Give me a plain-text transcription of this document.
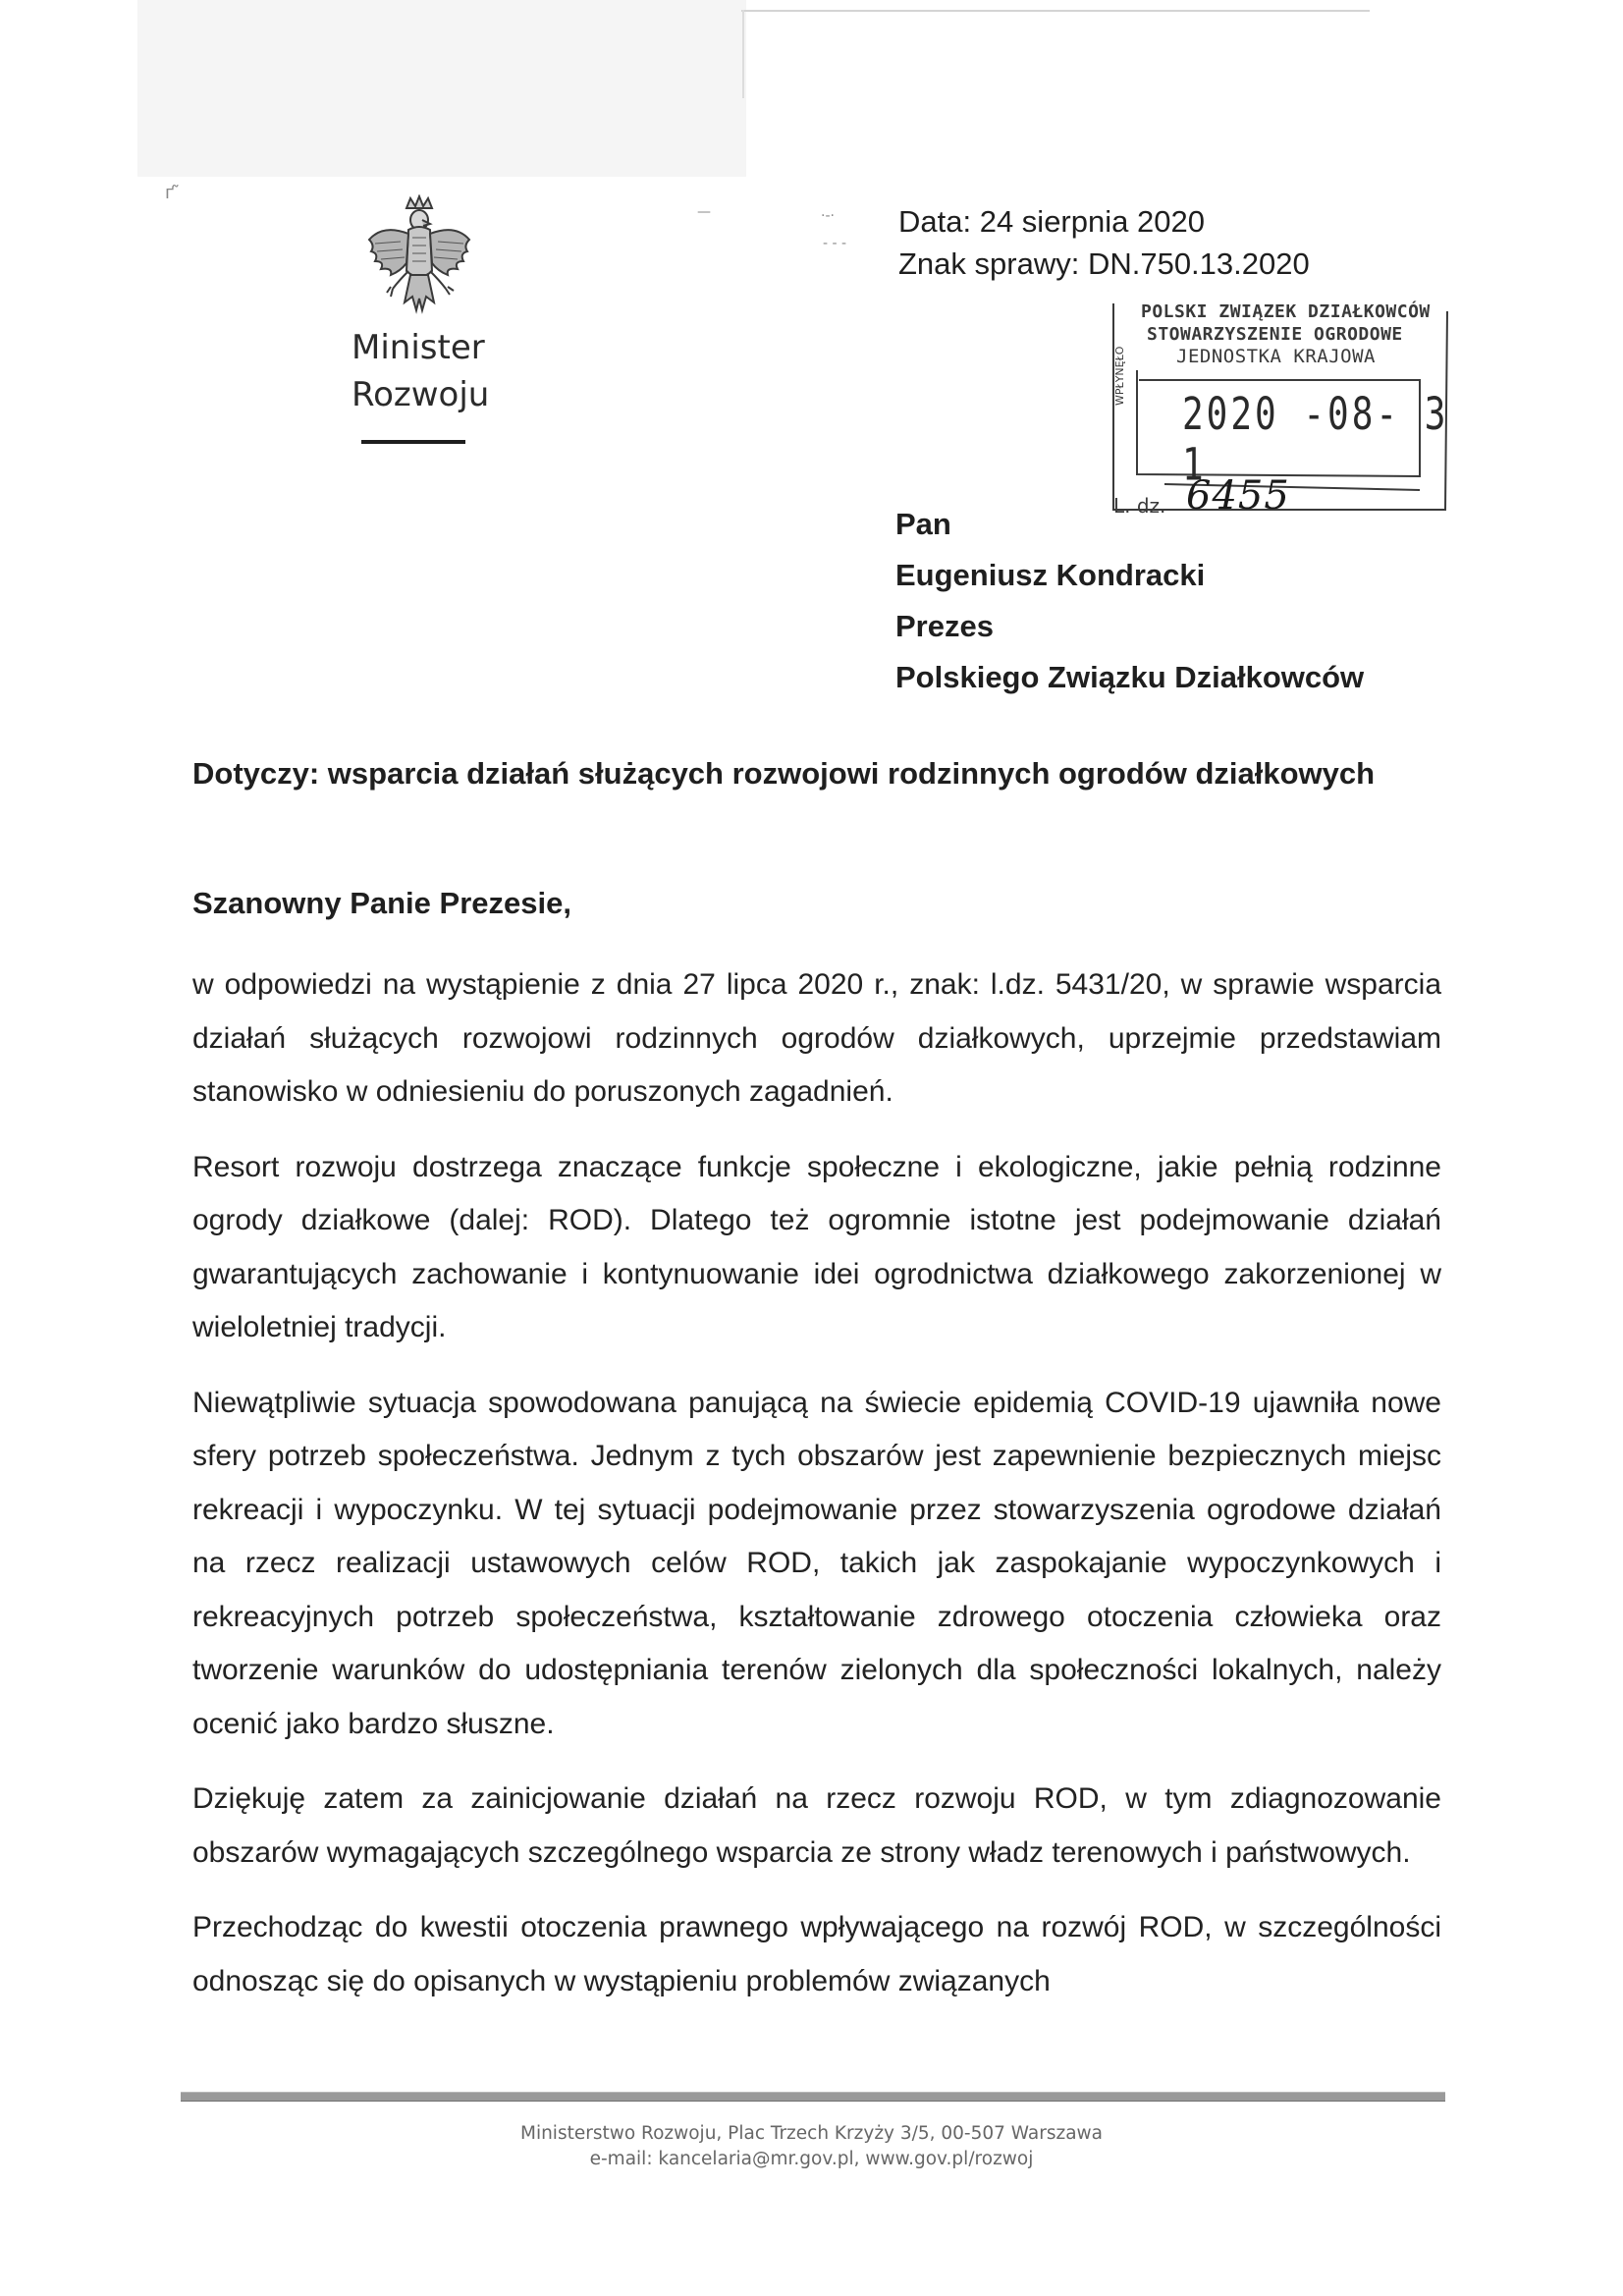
ґ ̃
—	·-·
- - -
Minister
Rozwoju
Data: 24 sierpnia 2020
Znak sprawy: DN.750.13.2020
POLSKI ZWIĄZEK DZIAŁKOWCÓW
STOWARZYSZENIE OGRODOWE
JEDNOSTKA KRAJOWA
WPŁYNĘŁO
2020 -08- 3 1
L. dz. 6455
Pan
Eugeniusz Kondracki
Prezes
Polskiego Związku Działkowców
Dotyczy: wsparcia działań służących rozwojowi rodzinnych ogrodów działkowych
Szanowny Panie Prezesie,

w odpowiedzi na wystąpienie z dnia 27 lipca 2020 r., znak: l.dz. 5431/20, w sprawie wsparcia działań służących rozwojowi rodzinnych ogrodów działkowych, uprzejmie przedstawiam stanowisko w odniesieniu do poruszonych zagadnień.

Resort rozwoju dostrzega znaczące funkcje społeczne i ekologiczne, jakie pełnią rodzinne ogrody działkowe (dalej: ROD). Dlatego też ogromnie istotne jest podejmowanie działań gwarantujących zachowanie i kontynuowanie idei ogrodnictwa działkowego zakorzenionej w wieloletniej tradycji.

Niewątpliwie sytuacja spowodowana panującą na świecie epidemią COVID-19 ujawniła nowe sfery potrzeb społeczeństwa. Jednym z tych obszarów jest zapewnienie bezpiecznych miejsc rekreacji i wypoczynku. W tej sytuacji podejmowanie przez stowarzyszenia ogrodowe działań na rzecz realizacji ustawowych celów ROD, takich jak zaspokajanie wypoczynkowych i rekreacyjnych potrzeb społeczeństwa, kształtowanie zdrowego otoczenia człowieka oraz tworzenie warunków do udostępniania terenów zielonych dla społeczności lokalnych, należy ocenić jako bardzo słuszne.

Dziękuję zatem za zainicjowanie działań na rzecz rozwoju ROD, w tym zdiagnozowanie obszarów wymagających szczególnego wsparcia ze strony władz terenowych i państwowych.

Przechodząc do kwestii otoczenia prawnego wpływającego na rozwój ROD, w szczególności odnosząc się do opisanych w wystąpieniu problemów związanych

Ministerstwo Rozwoju, Plac Trzech Krzyży 3/5, 00-507 Warszawa
e-mail: kancelaria@mr.gov.pl, www.gov.pl/rozwoj
